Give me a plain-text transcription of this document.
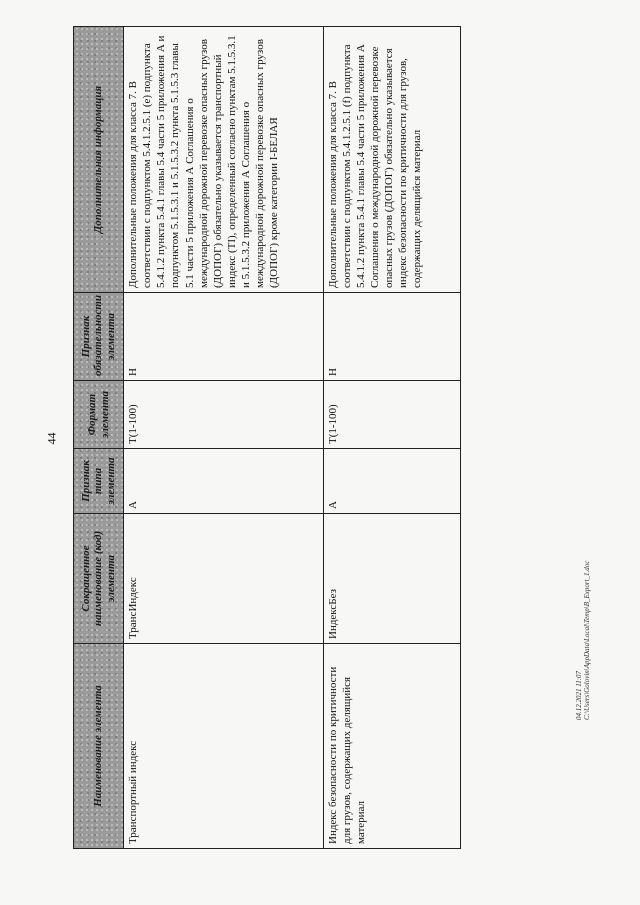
44
Наименование элемента	Сокращенное наименование (код) элемента	Признак типа элемента	Формат элемента	Признак обязательности элемента	Дополнительная информация
Транспортный индекс	ТрансИндекс	А	Т(1-100)	Н	Дополнительные положения для класса 7. В соответствии с подпунктом 5.4.1.2.5.1 (е) подпункта 5.4.1.2 пункта 5.4.1 главы 5.4 части 5 приложения А и подпунктом 5.1.5.3.1 и 5.1.5.3.2 пункта 5.1.5.3 главы 5.1 части 5 приложения А Соглашения о международной дорожной перевозке опасных грузов (ДОПОГ) обязательно указывается транспортный индекс (ТI), определенный согласно пунктам 5.1.5.3.1 и 5.1.5.3.2 приложения А Соглашения о международной дорожной перевозке опасных грузов (ДОПОГ) кроме категории I-БЕЛАЯ
Индекс безопасности по критичности для грузов, содержащих делящийся материал	ИндексБез	А	Т(1-100)	Н	Дополнительные положения для класса 7. В соответствии с подпунктом 5.4.1.2.5.1 (f) подпункта 5.4.1.2 пункта 5.4.1 главы 5.4 части 5 приложения А Соглашения о международной дорожной перевозке опасных грузов (ДОПОГ) обязательно указывается индекс безопасности по критичности для грузов, содержащих делящийся материал
04.12.2021 11:07 C:\Users\Golovin\AppData\Local\Temp\B_Export_1.doc
